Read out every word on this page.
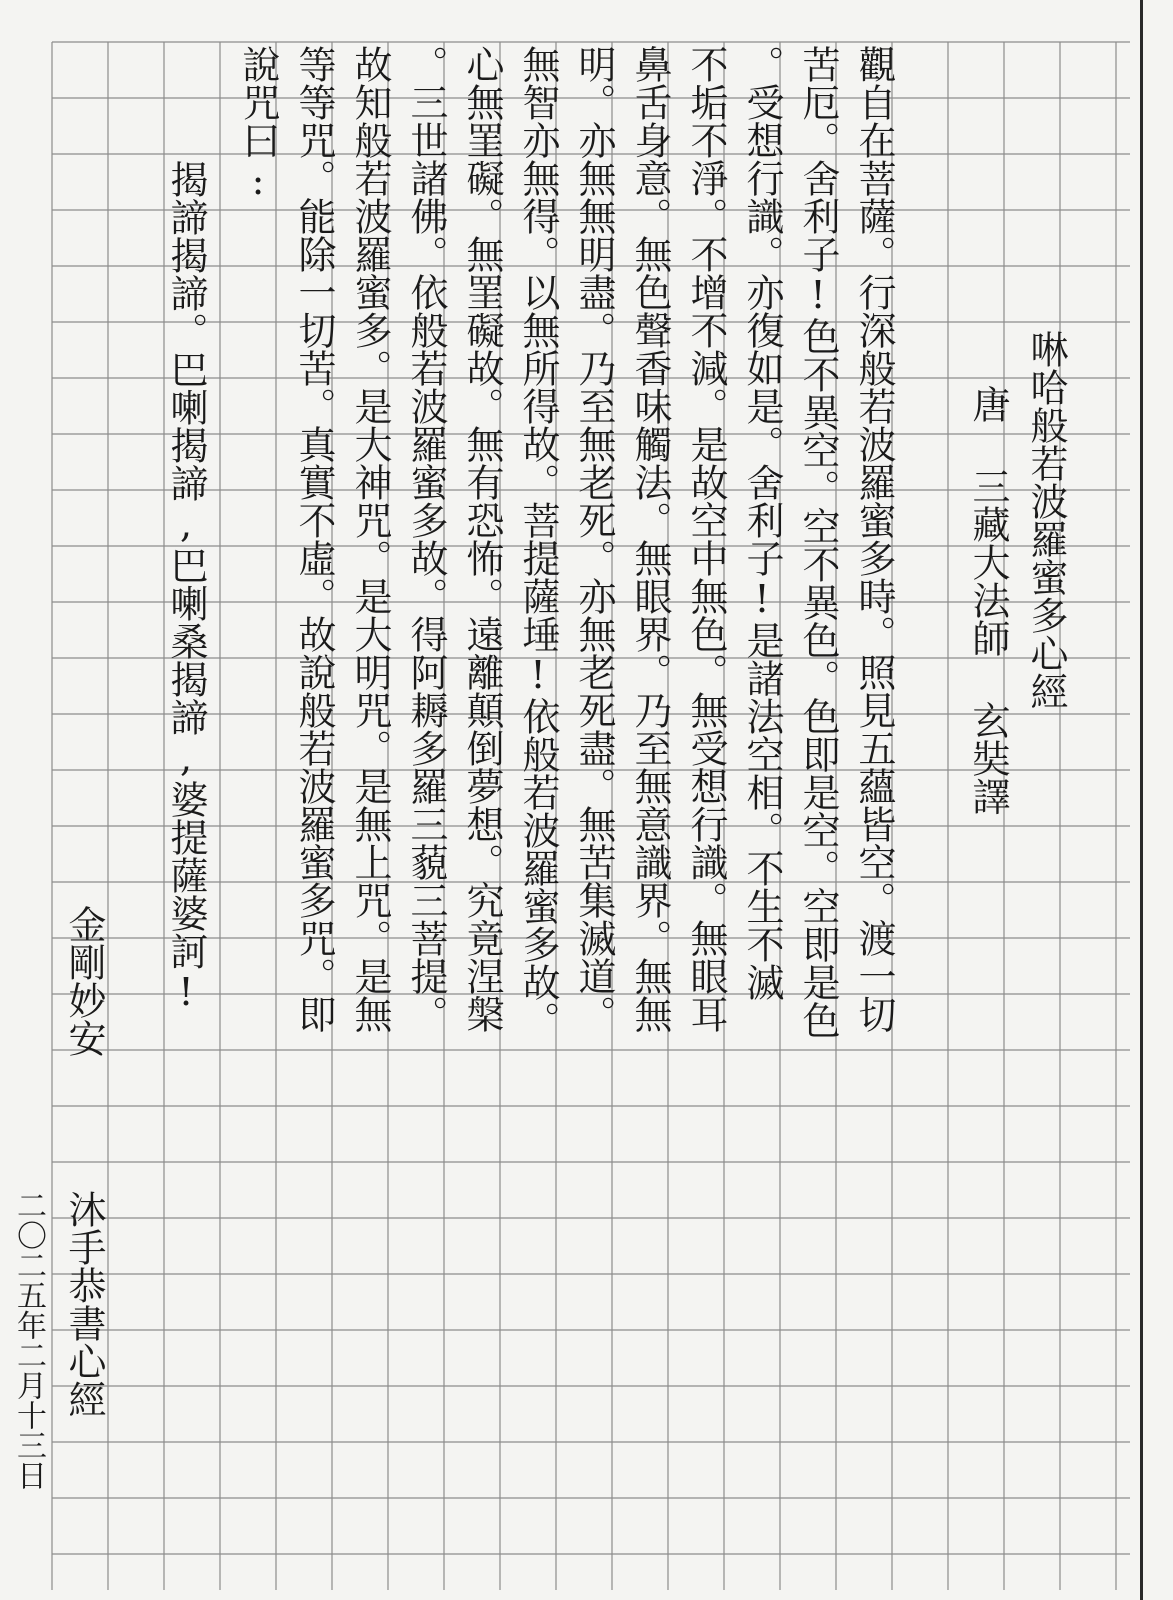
啉哈般若波羅蜜多心經
唐 三藏大法師 玄奘譯
觀自在菩薩。行深般若波羅蜜多時。照見五蘊皆空。渡一切
苦厄。舍利子!色不異空。空不異色。色即是空。空即是色
。受想行識。亦復如是。舍利子!是諸法空相。不生不滅
不垢不淨。不增不減。是故空中無色。無受想行識。無眼耳
鼻舌身意。無色聲香味觸法。無眼界。乃至無意識界。無無
明。亦無無明盡。乃至無老死。亦無老死盡。無苦集滅道。
無智亦無得。以無所得故。菩提薩埵!依般若波羅蜜多故。
心無罣礙。無罣礙故。無有恐怖。遠離顛倒夢想。究竟涅槃
。三世諸佛。依般若波羅蜜多故。得阿耨多羅三藐三菩提。
故知般若波羅蜜多。是大神咒。是大明咒。是無上咒。是無
等等咒。能除一切苦。真實不虛。故說般若波羅蜜多咒。即
說咒曰:
揭諦揭諦。巴喇揭諦,巴喇桑揭諦,婆提薩婆訶!
金剛妙安
沐手恭書心經
二〇二五年二月十三日
